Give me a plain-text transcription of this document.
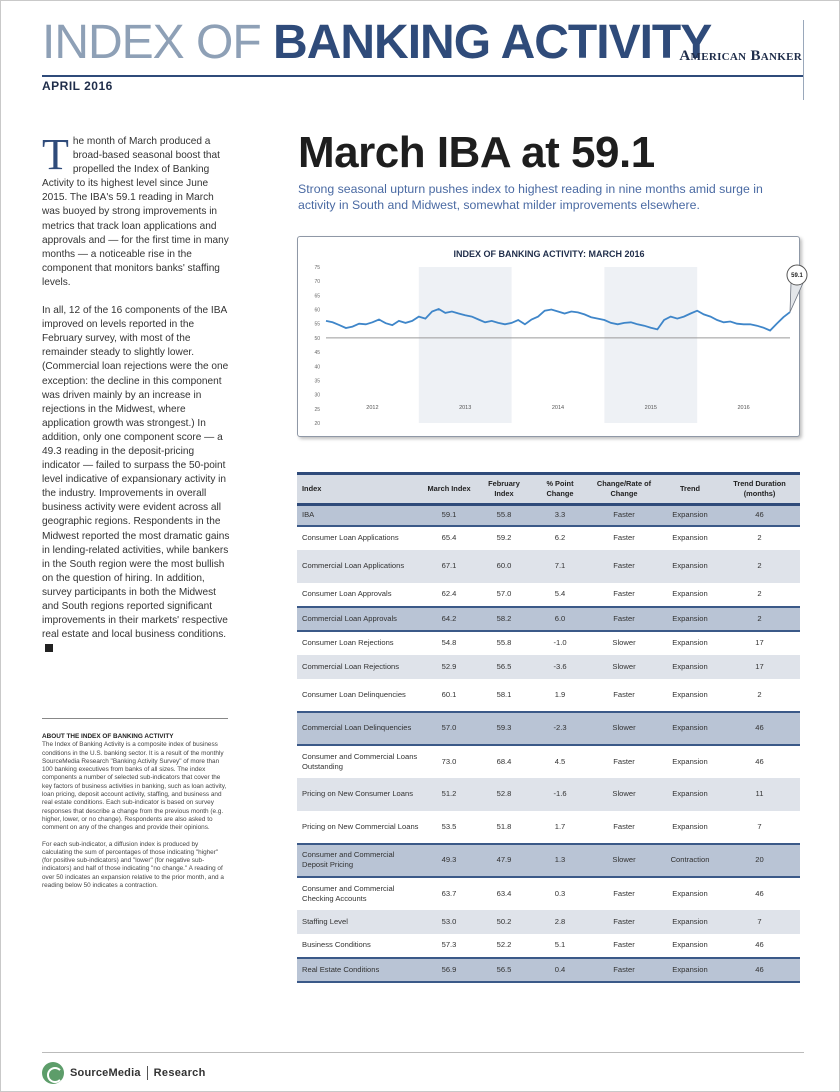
INDEX OF BANKING ACTIVITY
American Banker
APRIL 2016

The month of March produced a broad-based seasonal boost that propelled the Index of Banking Activity to its highest level since June 2015. The IBA's 59.1 reading in March was buoyed by strong improvements in metrics that track loan applications and approvals and — for the first time in many months — a noticeable rise in the component that monitors banks' staffing levels.

In all, 12 of the 16 components of the IBA improved on levels reported in the February survey, with most of the remainder steady to slightly lower. (Commercial loan rejections were the one exception: the decline in this component was driven mainly by an increase in rejections in the Midwest, where application growth was strongest.) In addition, only one component score — a 49.3 reading in the deposit-pricing indicator — failed to surpass the 50-point level indicative of expansionary activity in the industry. Improvements in overall business activity were evident across all geographic regions. Respondents in the Midwest reported the most dramatic gains in lending-related activities, while bankers in the South region were the most bullish on the question of hiring. In addition, survey participants in both the Midwest and South regions reported significant improvements in their markets' respective real estate and local business conditions.

ABOUT THE INDEX OF BANKING ACTIVITY
The Index of Banking Activity is a composite index of business conditions in the U.S. banking sector. It is a result of the monthly SourceMedia Research "Banking Activity Survey" of more than 100 banking executives from banks of all sizes. The index components a number of selected sub-indicators that cover the key factors of business activities in banking, such as loan activity, loan pricing, deposit account activity, staffing, and business and real estate conditions. Each sub-indicator is based on survey responses that describe a change from the previous month (e.g. higher, lower, or no change). Respondents are also asked to comment on any of the changes and provide their opinions.

For each sub-indicator, a diffusion index is produced by calculating the sum of percentages of those indicating "higher" (for positive sub-indicators) and "lower" (for negative sub-indicators) and half of those indicating "no change." A reading of over 50 indicates an expansion relative to the prior month, and a reading below 50 indicates a contraction.

March IBA at 59.1

Strong seasonal upturn pushes index to highest reading in nine months amid surge in activity in South and Midwest, somewhat milder improvements elsewhere.

INDEX OF BANKING ACTIVITY: MARCH 2016
20
25
30
35
40
45
50
55
60
65
70
75
2012	2013	2014	2015	2016
59.1
Index	March Index	February Index	% Point Change	Change/Rate of Change	Trend	Trend Duration (months)
IBA	59.1	55.8	3.3	Faster	Expansion	46
Consumer Loan Applications	65.4	59.2	6.2	Faster	Expansion	2
Commercial Loan Applications	67.1	60.0	7.1	Faster	Expansion	2
Consumer Loan Approvals	62.4	57.0	5.4	Faster	Expansion	2
Commercial Loan Approvals	64.2	58.2	6.0	Faster	Expansion	2
Consumer Loan Rejections	54.8	55.8	-1.0	Slower	Expansion	17
Commercial Loan Rejections	52.9	56.5	-3.6	Slower	Expansion	17
Consumer Loan Delinquencies	60.1	58.1	1.9	Faster	Expansion	2
Commercial Loan Delinquencies	57.0	59.3	-2.3	Slower	Expansion	46
Consumer and Commercial Loans Outstanding	73.0	68.4	4.5	Faster	Expansion	46
Pricing on New Consumer Loans	51.2	52.8	-1.6	Slower	Expansion	11
Pricing on New Commercial Loans	53.5	51.8	1.7	Faster	Expansion	7
Consumer and Commercial Deposit Pricing	49.3	47.9	1.3	Slower	Contraction	20
Consumer and Commercial Checking Accounts	63.7	63.4	0.3	Faster	Expansion	46
Staffing Level	53.0	50.2	2.8	Faster	Expansion	7
Business Conditions	57.3	52.2	5.1	Faster	Expansion	46
Real Estate Conditions	56.9	56.5	0.4	Faster	Expansion	46
SourceMedia Research
